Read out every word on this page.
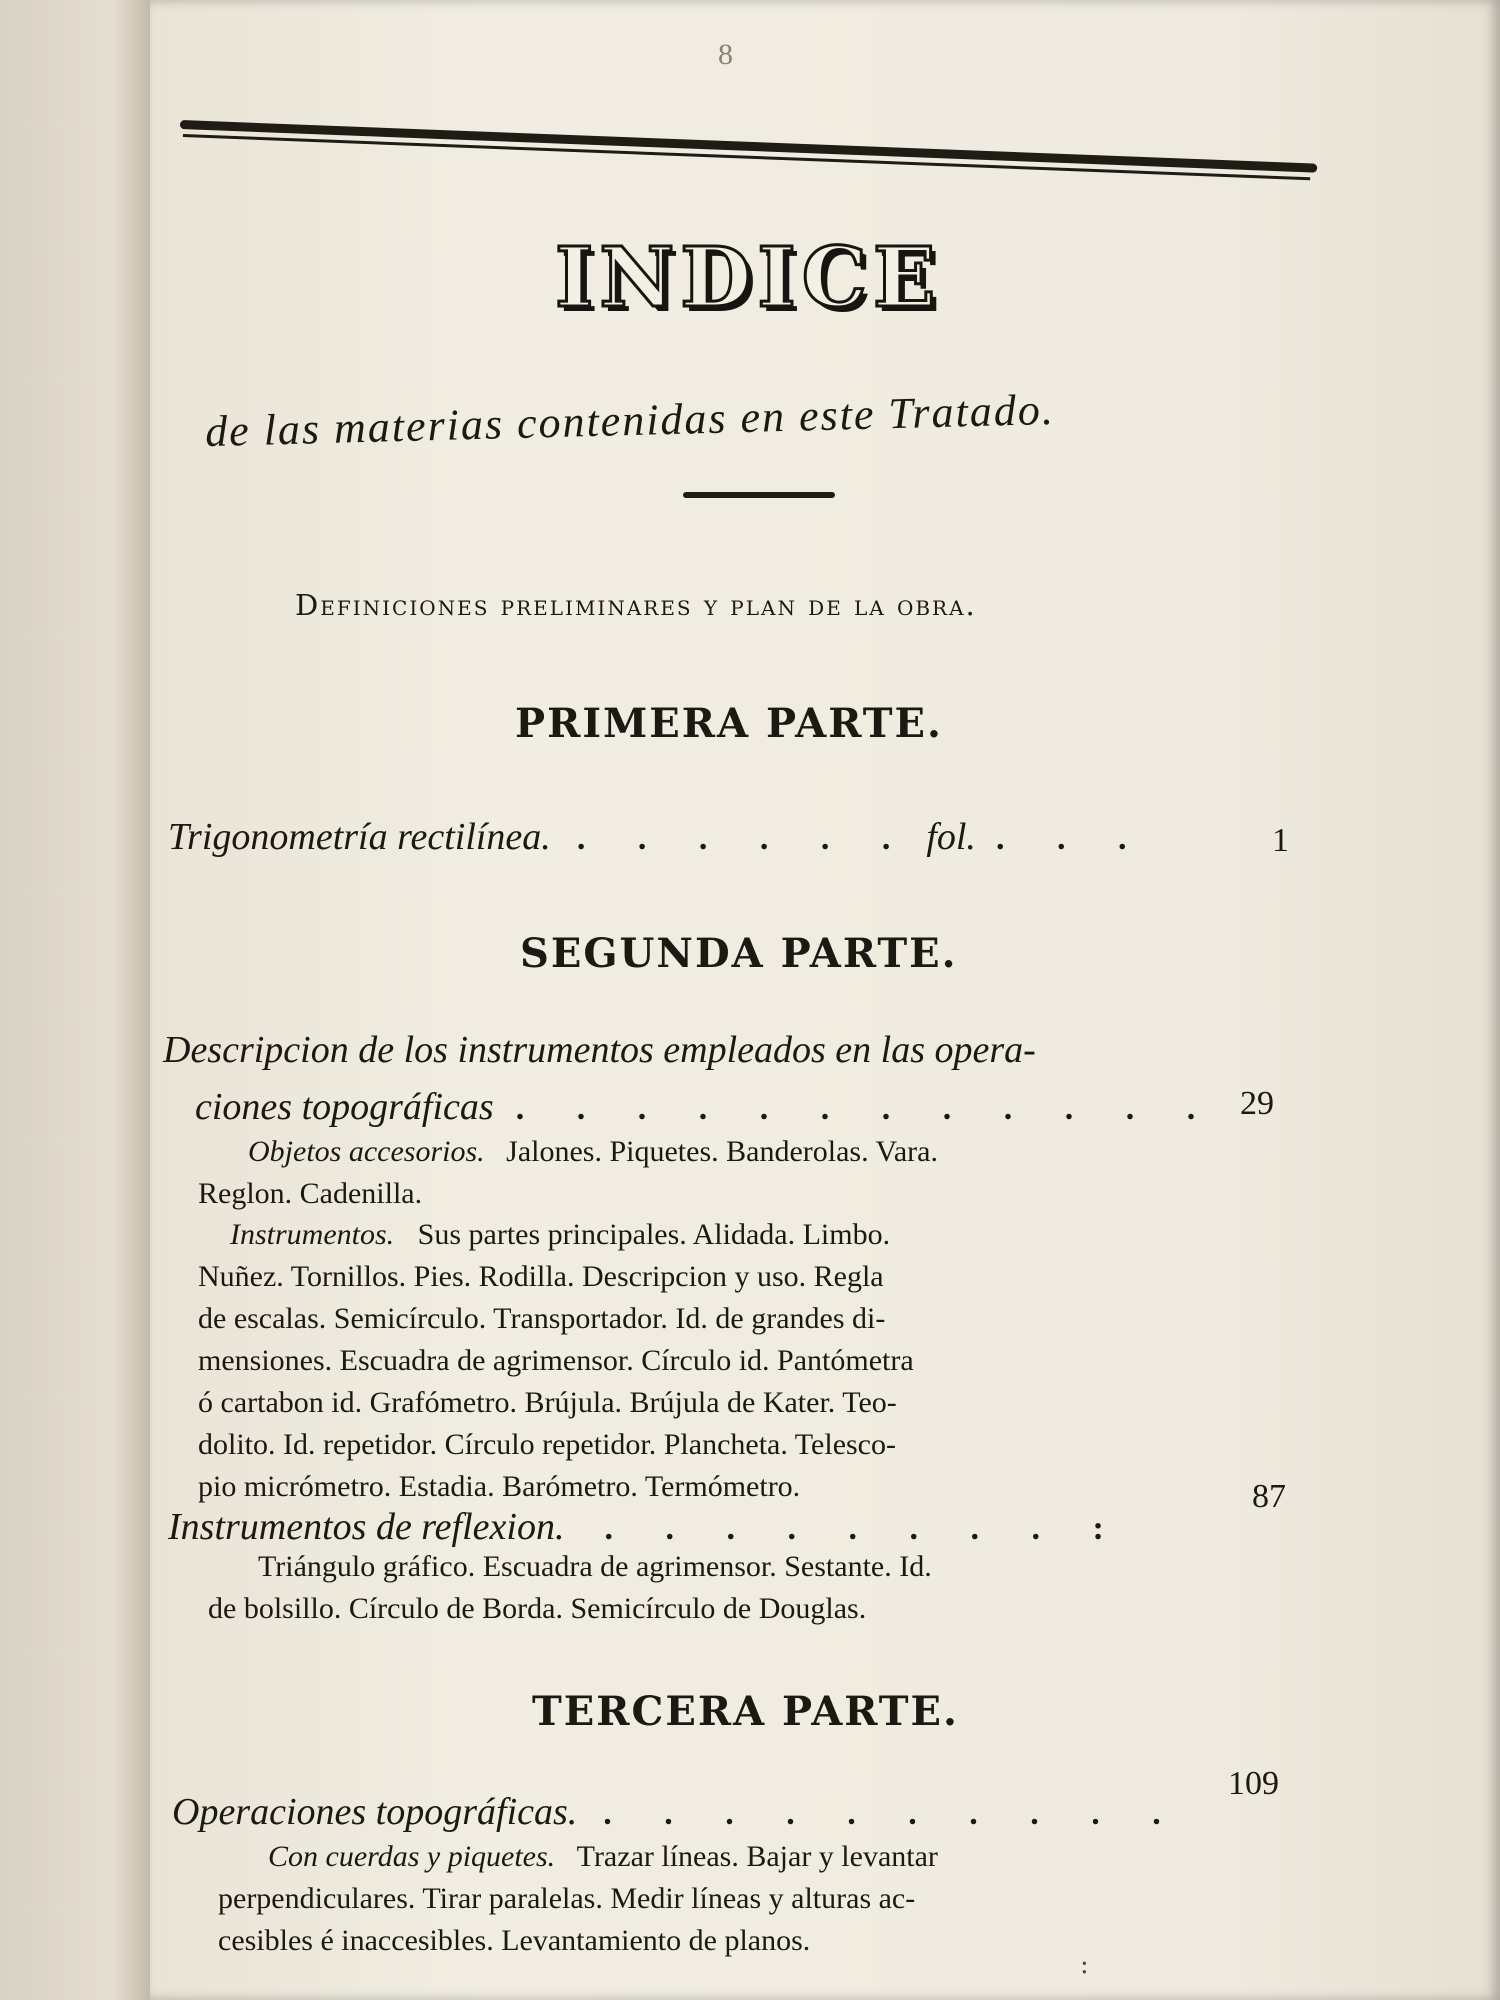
8
INDICE
de las materias contenidas en este Tratado.
Definiciones preliminares y plan de la obra.
PRIMERA PARTE.
Trigonometría rectilínea. . . . . . . fol. . . .	1
SEGUNDA PARTE.
Descripcion de los instrumentos empleados en las opera-
ciones topográficas . . . . . . . . . . . . 29
Objetos accesorios. Jalones. Piquetes. Banderolas. Vara.
Reglon. Cadenilla.
Instrumentos. Sus partes principales. Alidada. Limbo.
Nuñez. Tornillos. Pies. Rodilla. Descripcion y uso. Regla
de escalas. Semicírculo. Transportador. Id. de grandes di-
mensiones. Escuadra de agrimensor. Círculo id. Pantómetra
ó cartabon id. Grafómetro. Brújula. Brújula de Kater. Teo-
dolito. Id. repetidor. Círculo repetidor. Plancheta. Telesco-
pio micrómetro. Estadia. Barómetro. Termómetro.
Instrumentos de reflexion. . . . . . . . . :
87
Triángulo gráfico. Escuadra de agrimensor. Sestante. Id.
de bolsillo. Círculo de Borda. Semicírculo de Douglas.
TERCERA PARTE.
Operaciones topográficas. . . . . . . . . . .
109
Con cuerdas y piquetes. Trazar líneas. Bajar y levantar
perpendiculares. Tirar paralelas. Medir líneas y alturas ac-
cesibles é inaccesibles. Levantamiento de planos.
:
